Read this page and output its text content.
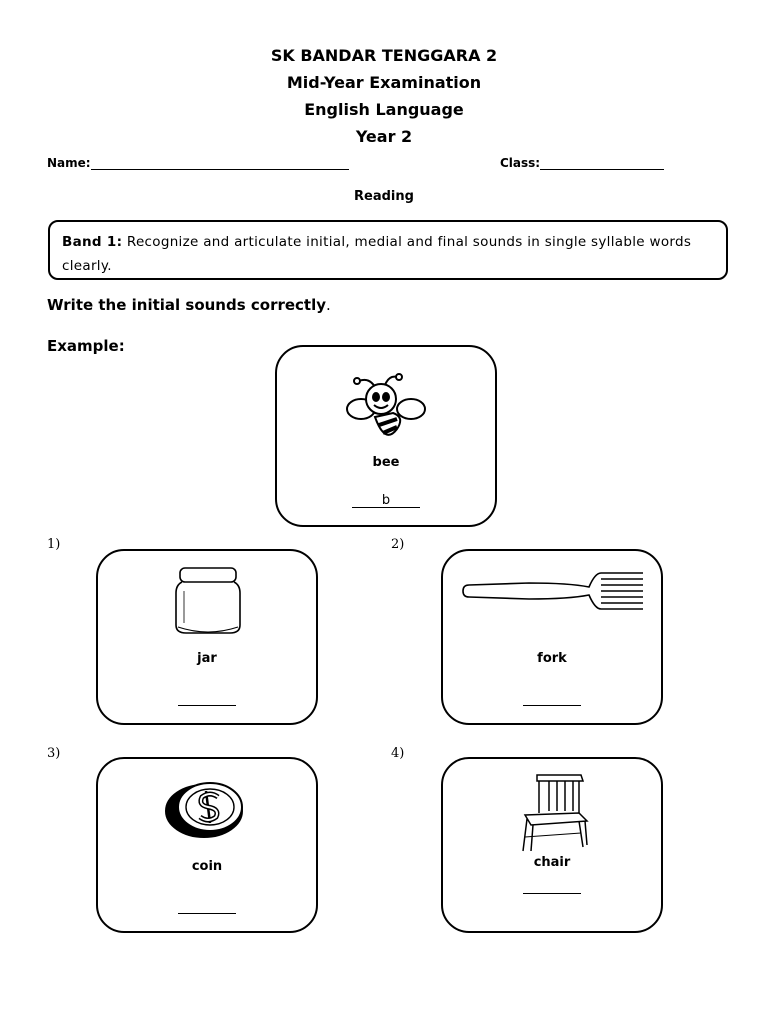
SK BANDAR TENGGARA 2
Mid-Year Examination
English Language
Year 2
Name:	Class:
Reading
Band 1: Recognize and articulate initial, medial and final sounds in single syllable words clearly.
Write the initial sounds correctly.
Example:
bee
b
1)
jar
2)
fork
3)
coin
4)
chair
